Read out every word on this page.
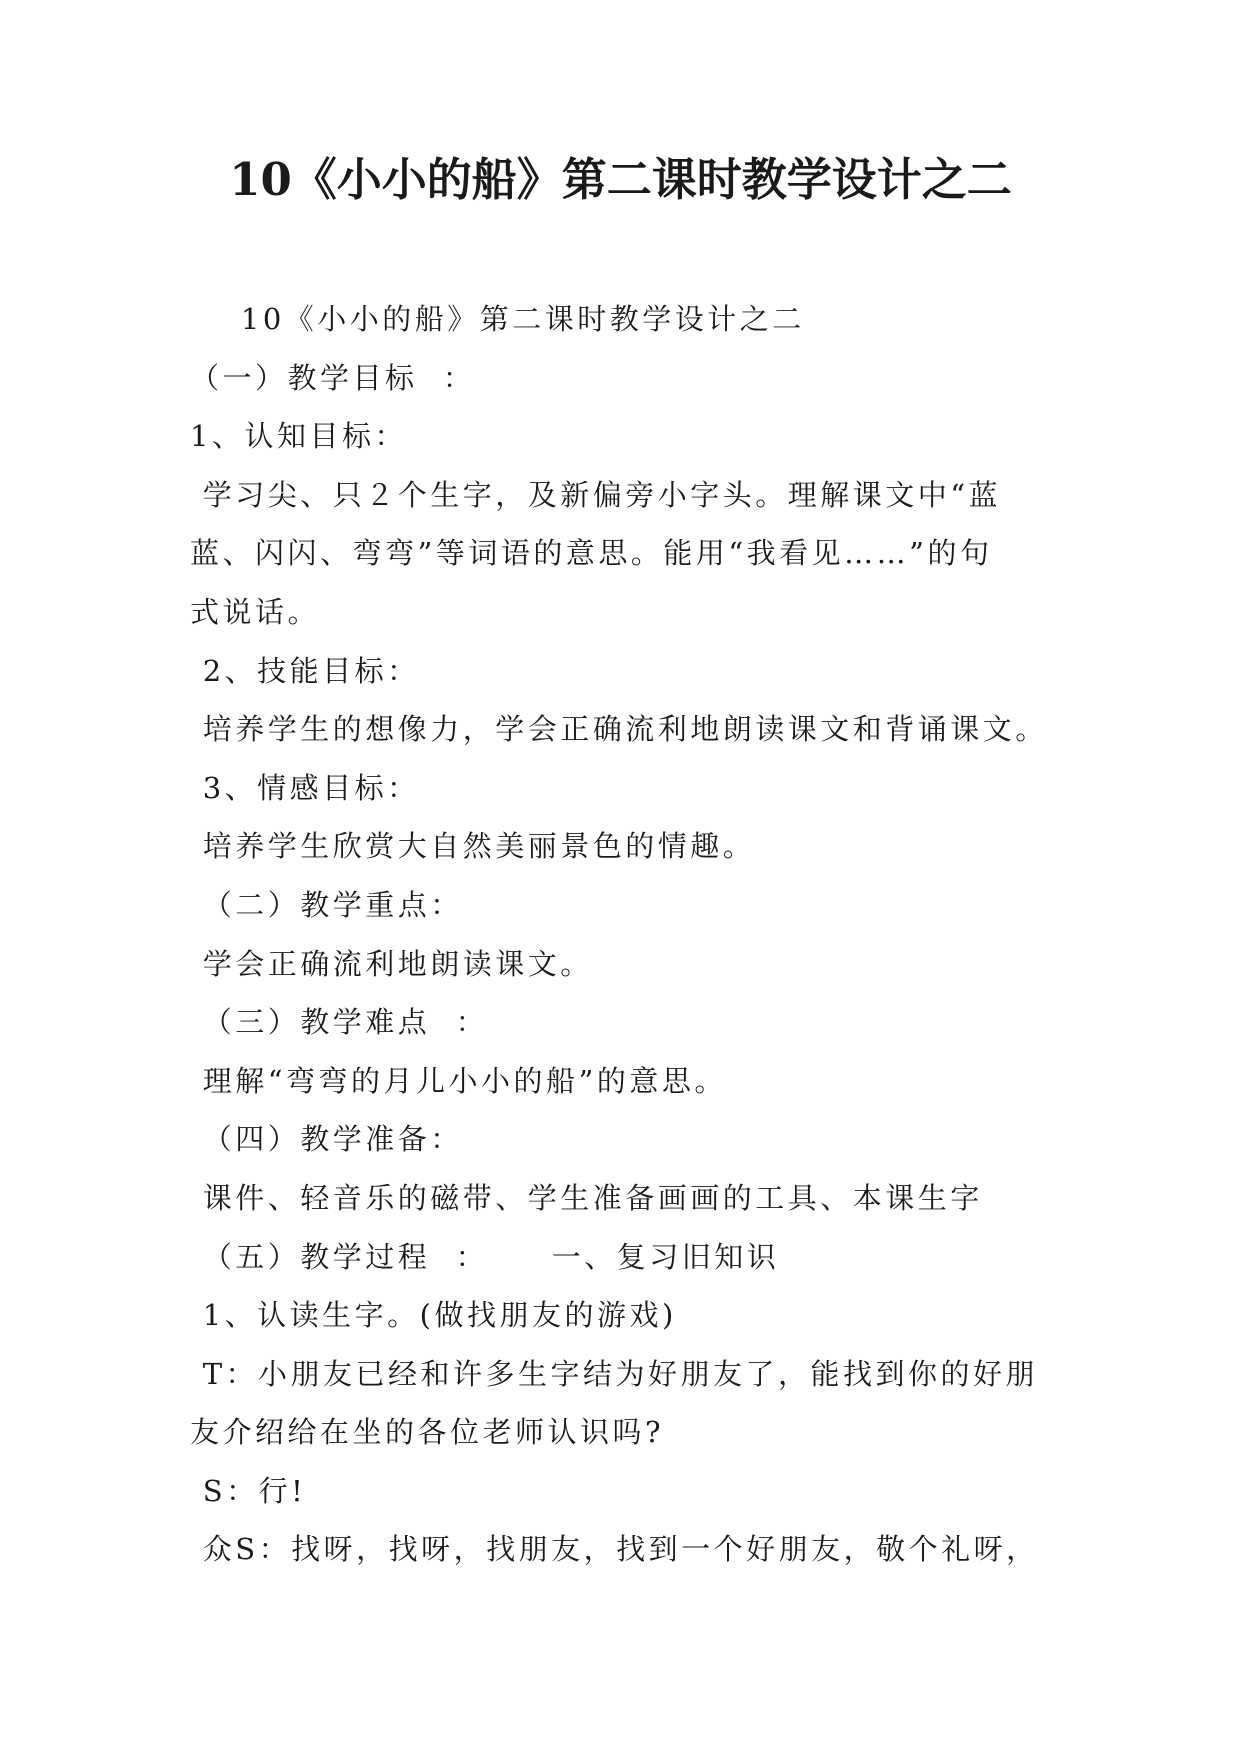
10《小小的船》第二课时教学设计之二
10《小小的船》第二课时教学设计之二
（一）教学目标  ：
1、认知目标：
学习尖、只２个生字，及新偏旁小字头。理解课文中“蓝
蓝、闪闪、弯弯”等词语的意思。能用“我看见……”的句
式说话。
2、技能目标：
培养学生的想像力，学会正确流利地朗读课文和背诵课文。
3、情感目标：
培养学生欣赏大自然美丽景色的情趣。
（二）教学重点：
学会正确流利地朗读课文。
（三）教学难点  ：
理解“弯弯的月儿小小的船”的意思。
（四）教学准备：
课件、轻音乐的磁带、学生准备画画的工具、本课生字
（五）教学过程  ：     一、复习旧知识
1、认读生字。(做找朋友的游戏)
T：小朋友已经和许多生字结为好朋友了，能找到你的好朋
友介绍给在坐的各位老师认识吗?
S：行!
众S：找呀，找呀，找朋友，找到一个好朋友，敬个礼呀，
